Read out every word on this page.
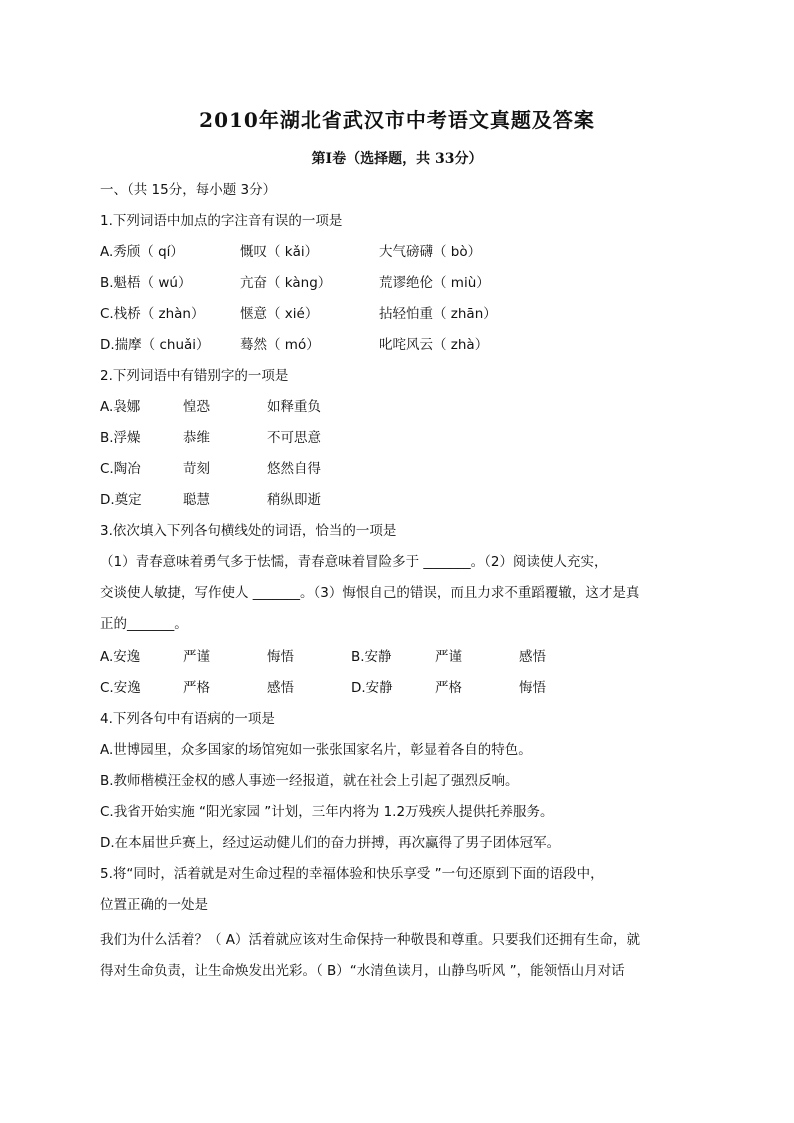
2010年湖北省武汉市中考语文真题及答案
第Ⅰ卷（选择题，共 33分）
一、（共 15分，每小题 3分）
1.下列词语中加点的字注音有误的一项是
A.秀颀（ qí）	慨叹（ kǎi）	大气磅礴（ bò）
B.魁梧（ wú）	亢奋（ kàng）	荒谬绝伦（ miù）
C.栈桥（ zhàn）	惬意（ xié）	拈轻怕重（ zhān）
D.揣摩（ chuǎi） 蓦然（ mó）	叱咤风云（ zhà）
2.下列词语中有错别字的一项是
A.袅娜	惶恐	如释重负
B.浮燥	恭维	不可思意
C.陶冶	苛刻	悠然自得
D.奠定	聪慧	稍纵即逝
3.依次填入下列各句横线处的词语，恰当的一项是
（1）青春意味着勇气多于怯懦，青春意味着冒险多于 _______。（2）阅读使人充实，
交谈使人敏捷，写作使人 _______。（3）悔恨自己的错误，而且力求不重蹈覆辙，这才是真
正的_______。
A.安逸	严谨	悔悟	B.安静	严谨	感悟
C.安逸	严格	感悟	D.安静	严格	悔悟
4.下列各句中有语病的一项是
A.世博园里，众多国家的场馆宛如一张张国家名片，彰显着各自的特色。
B.教师楷模汪金权的感人事迹一经报道，就在社会上引起了强烈反响。
C.我省开始实施 “阳光家园 ”计划，三年内将为 1.2万残疾人提供托养服务。
D.在本届世乒赛上，经过运动健儿们的奋力拼搏，再次赢得了男子团体冠军。
5.将“同时，活着就是对生命过程的幸福体验和快乐享受 ”一句还原到下面的语段中，
位置正确的一处是
我们为什么活着？（ A）活着就应该对生命保持一种敬畏和尊重。只要我们还拥有生命，就
得对生命负责，让生命焕发出光彩。（ B）“水清鱼读月，山静鸟听风 ”，能领悟山月对话
